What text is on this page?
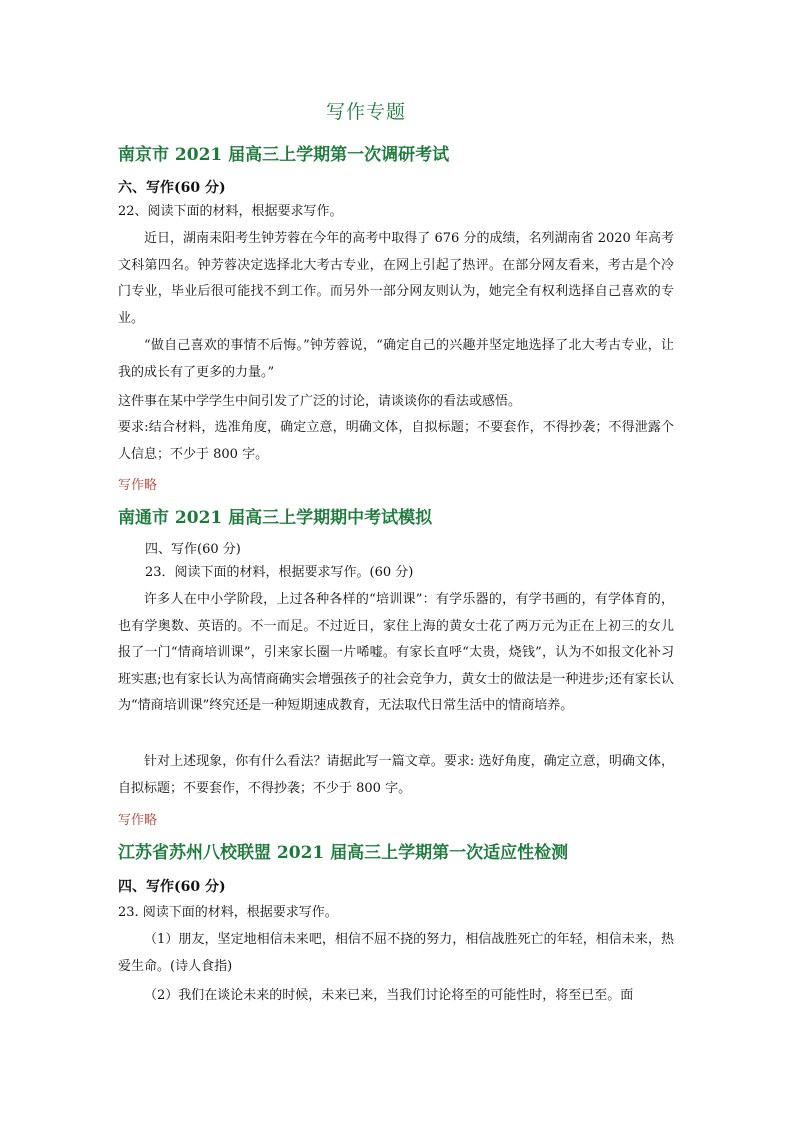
写作专题
南京市 2021 届高三上学期第一次调研考试

六、写作(60 分)

22、阅读下面的材料，根据要求写作。

近日，湖南耒阳考生钟芳蓉在今年的高考中取得了 676 分的成绩，名列湖南省 2020 年高考文科第四名。钟芳蓉决定选择北大考古专业，在网上引起了热评。在部分网友看来，考古是个冷门专业，毕业后很可能找不到工作。而另外一部分网友则认为，她完全有权利选择自己喜欢的专业。

“做自己喜欢的事情不后悔。”钟芳蓉说，“确定自己的兴趣并坚定地选择了北大考古专业，让我的成长有了更多的力量。”

这件事在某中学学生中间引发了广泛的讨论，请谈谈你的看法或感悟。

要求:结合材料，选准角度，确定立意，明确文体，自拟标题；不要套作，不得抄袭；不得泄露个人信息；不少于 800 字。

写作略

南通市 2021 届高三上学期期中考试模拟

四、写作(60 分)

23．阅读下面的材料，根据要求写作。(60 分)

许多人在中小学阶段，上过各种各样的“培训课”：有学乐器的，有学书画的，有学体育的，也有学奥数、英语的。不一而足。不过近日，家住上海的黄女士花了两万元为正在上初三的女儿报了一门“情商培训课”，引来家长圈一片唏嘘。有家长直呼“太贵，烧钱”，认为不如报文化补习班实惠;也有家长认为高情商确实会增强孩子的社会竞争力，黄女士的做法是一种进步;还有家长认为“情商培训课”终究还是一种短期速成教育，无法取代日常生活中的情商培养。

针对上述现象，你有什么看法？请据此写一篇文章。要求: 选好角度，确定立意，明确文体，自拟标题；不要套作，不得抄袭；不少于 800 字。

写作略

江苏省苏州八校联盟 2021 届高三上学期第一次适应性检测

四、写作(60 分)

23. 阅读下面的材料，根据要求写作。

（1）朋友，坚定地相信未来吧，相信不屈不挠的努力，相信战胜死亡的年轻，相信未来，热爱生命。(诗人食指)

（2）我们在谈论未来的时候，未来已来，当我们讨论将至的可能性时，将至已至。面
